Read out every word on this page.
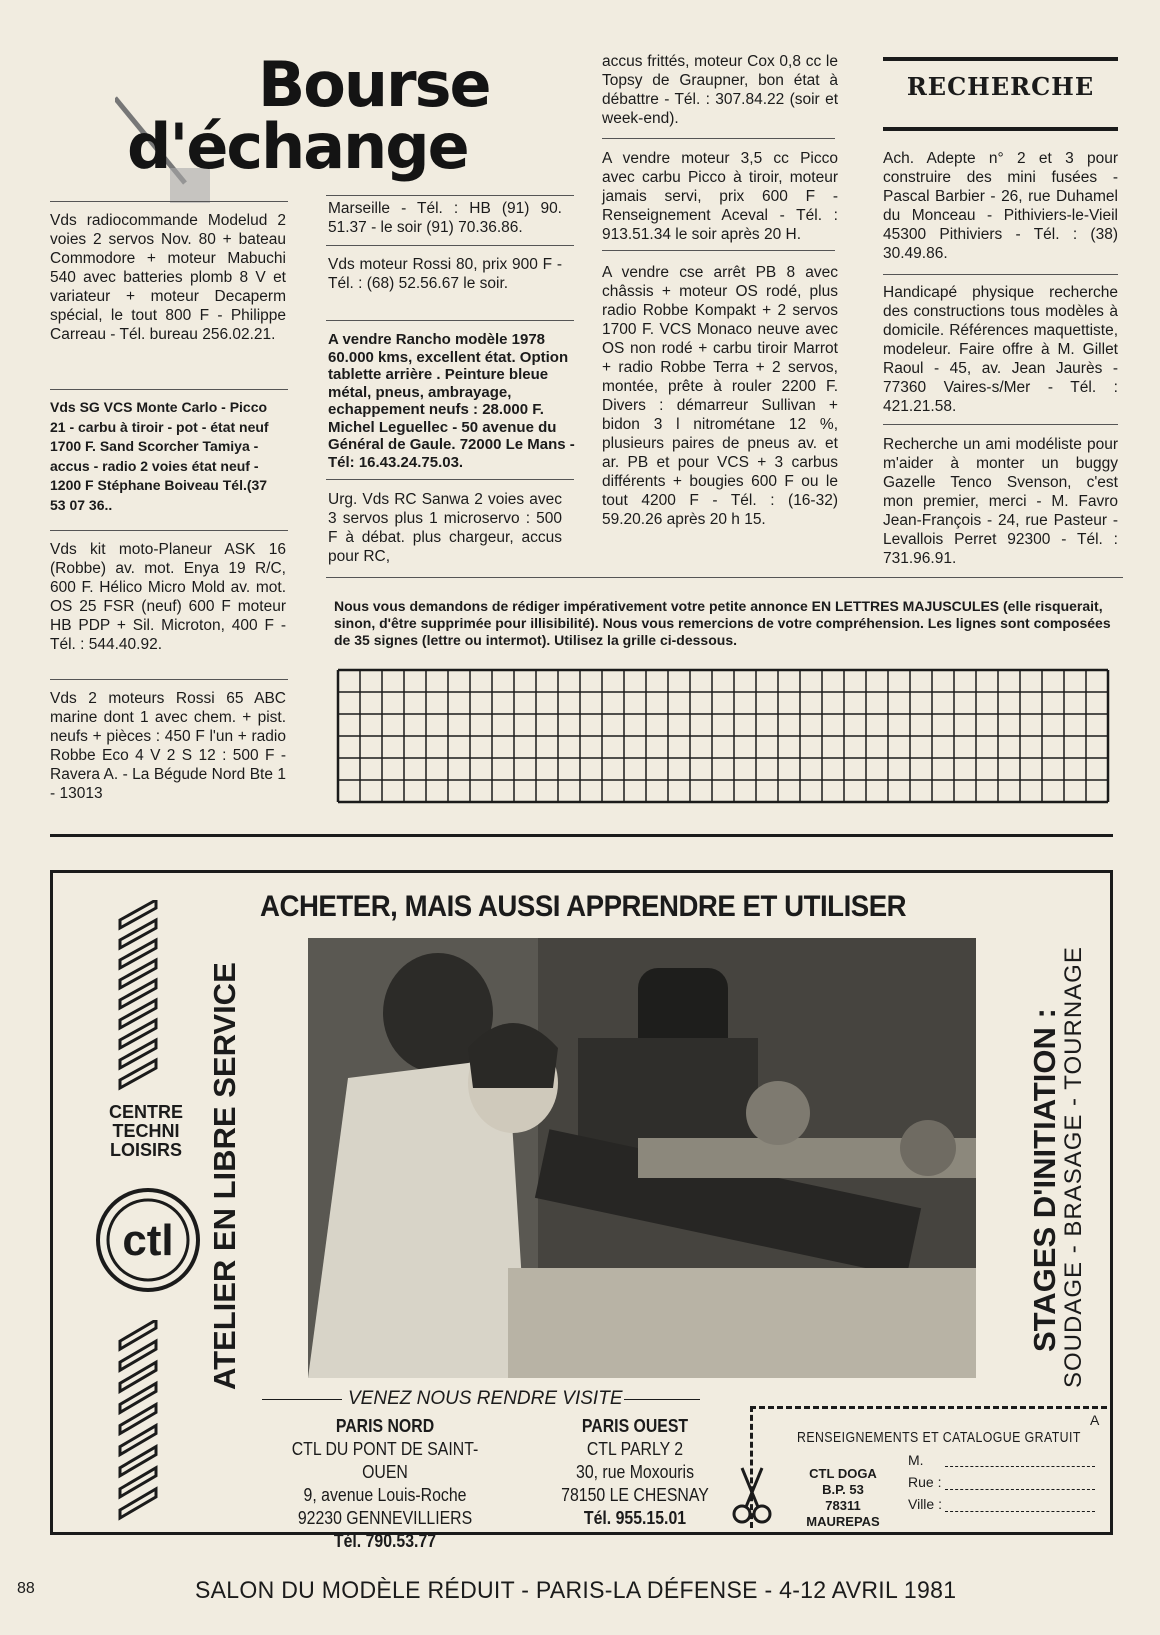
Bourse
d'échange
RECHERCHE
Vds radiocommande Modelud 2 voies 2 servos Nov. 80 + bateau Commodore + moteur Mabuchi 540 avec batteries plomb 8 V et variateur + moteur Decaperm spécial, le tout 800 F - Philippe Carreau - Tél. bureau 256.02.21.
Vds SG VCS Monte Carlo - Picco 21 - carbu à tiroir - pot - état neuf 1700 F. Sand Scorcher Tamiya - accus - radio 2 voies état neuf - 1200 F Stéphane Boiveau Tél.(37 53 07 36..
Vds kit moto-Planeur ASK 16 (Robbe) av. mot. Enya 19 R/C, 600 F. Hélico Micro Mold av. mot. OS 25 FSR (neuf) 600 F moteur HB PDP + Sil. Microton, 400 F - Tél. : 544.40.92.
Vds 2 moteurs Rossi 65 ABC marine dont 1 avec chem. + pist. neufs + pièces : 450 F l'un + radio Robbe Eco 4 V 2 S 12 : 500 F - Ravera A. - La Bégude Nord Bte 1 - 13013
Marseille - Tél. : HB (91) 90. 51.37 - le soir (91) 70.36.86.
Vds moteur Rossi 80, prix 900 F - Tél. : (68) 52.56.67 le soir.
A vendre Rancho modèle 1978 60.000 kms, excellent état. Option tablette arrière . Peinture bleue métal, pneus, ambrayage, echappement neufs : 28.000 F. Michel Leguellec - 50 avenue du Général de Gaule. 72000 Le Mans - Tél: 16.43.24.75.03.
Urg. Vds RC Sanwa 2 voies avec 3 servos plus 1 microservo : 500 F à débat. plus chargeur, accus pour RC,
accus frittés, moteur Cox 0,8 cc le Topsy de Graupner, bon état à débattre - Tél. : 307.84.22 (soir et week-end).
A vendre moteur 3,5 cc Picco avec carbu Picco à tiroir, moteur jamais servi, prix 600 F - Renseignement Aceval - Tél. : 913.51.34 le soir après 20 H.
A vendre cse arrêt PB 8 avec châssis + moteur OS rodé, plus radio Robbe Kompakt + 2 servos 1700 F. VCS Monaco neuve avec OS non rodé + carbu tiroir Marrot + radio Robbe Terra + 2 servos, montée, prête à rouler 2200 F. Divers : démarreur Sullivan + bidon 3 l nitrométane 12 %, plusieurs paires de pneus av. et ar. PB et pour VCS + 3 carbus différents + bougies 600 F ou le tout 4200 F - Tél. : (16-32) 59.20.26 après 20 h 15.
Ach. Adepte n° 2 et 3 pour construire des mini fusées - Pascal Barbier - 26, rue Duhamel du Monceau - Pithiviers-le-Vieil 45300 Pithiviers - Tél. : (38) 30.49.86.
Handicapé physique recherche des constructions tous modèles à domicile. Références maquettiste, modeleur. Faire offre à M. Gillet Raoul - 45, av. Jean Jaurès - 77360 Vaires-s/Mer - Tél. : 421.21.58.
Recherche un ami modéliste pour m'aider à monter un buggy Gazelle Tenco Svenson, c'est mon premier, merci - M. Favro Jean-François - 24, rue Pasteur - Levallois Perret 92300 - Tél. : 731.96.91.
Nous vous demandons de rédiger impérativement votre petite annonce EN LETTRES MAJUSCULES (elle risquerait, sinon, d'être supprimée pour illisibilité). Nous vous remercions de votre compréhension. Les lignes sont composées de 35 signes (lettre ou intermot). Utilisez la grille ci-dessous.
ACHETER, MAIS AUSSI APPRENDRE ET UTILISER
ATELIER EN LIBRE SERVICE	STAGES D'INITIATION :
SOUDAGE - BRASAGE - TOURNAGE
CENTRE
TECHNI
LOISIRS
ctl
VENEZ NOUS RENDRE VISITE
PARIS NORD
CTL DU PONT DE SAINT-OUEN
9, avenue Louis-Roche
92230 GENNEVILLIERS
Tél. 790.53.77
PARIS OUEST
CTL PARLY 2
30, rue Moxouris
78150 LE CHESNAY
Tél. 955.15.01
A
RENSEIGNEMENTS ET CATALOGUE GRATUIT
CTL DOGA
B.P. 53
78311 MAUREPAS
M.
Rue :
Ville :
88	SALON DU MODÈLE RÉDUIT - PARIS-LA DÉFENSE - 4-12 AVRIL 1981
